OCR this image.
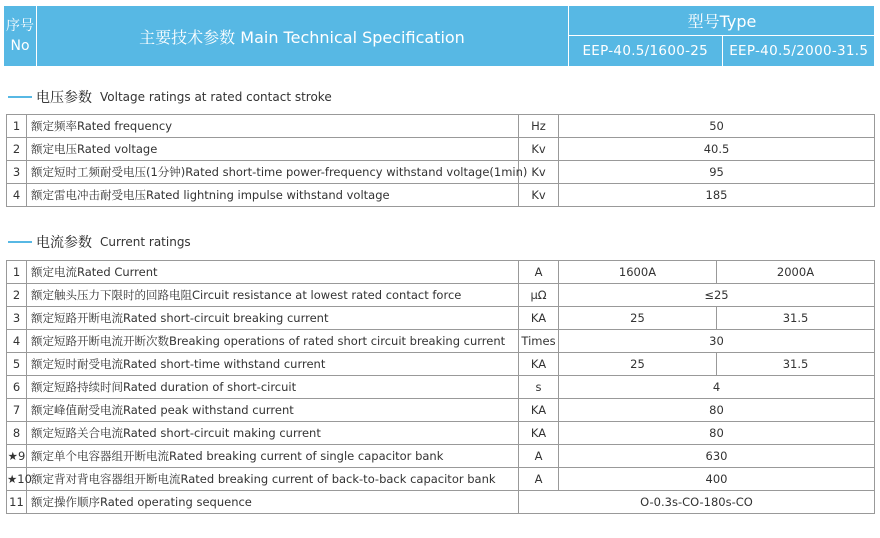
序号
No	主要技术参数 Main Technical Specification
型号Type
EEP-40.5/1600-25	EEP-40.5/2000-31.5
电压参数 Voltage ratings at rated contact stroke
1	额定频率Rated frequency	Hz	50
2	额定电压Rated voltage	Kv	40.5
3	额定短时工频耐受电压(1分钟)Rated short-time power-frequency withstand voltage(1min)	Kv	95
4	额定雷电冲击耐受电压Rated lightning impulse withstand voltage	Kv	185
电流参数 Current ratings
1	额定电流Rated Current	A	1600A	2000A
2	额定触头压力下限时的回路电阻Circuit resistance at lowest rated contact force	μΩ	≤25	
3	额定短路开断电流Rated short-circuit breaking current	KA	25	31.5
4	额定短路开断电流开断次数Breaking operations of rated short circuit breaking current	Times	30	
5	额定短时耐受电流Rated short-time withstand current	KA	25	31.5
6	额定短路持续时间Rated duration of short-circuit	s	4	
7	额定峰值耐受电流Rated peak withstand current	KA	80	
8	额定短路关合电流Rated short-circuit making current	KA	80	
★9	额定单个电容器组开断电流Rated breaking current of single capacitor bank	A	630	
★10	额定背对背电容器组开断电流Rated breaking current of back-to-back capacitor bank	A	400	
11	额定操作顺序Rated operating sequence	O-0.3s-CO-180s-CO		
